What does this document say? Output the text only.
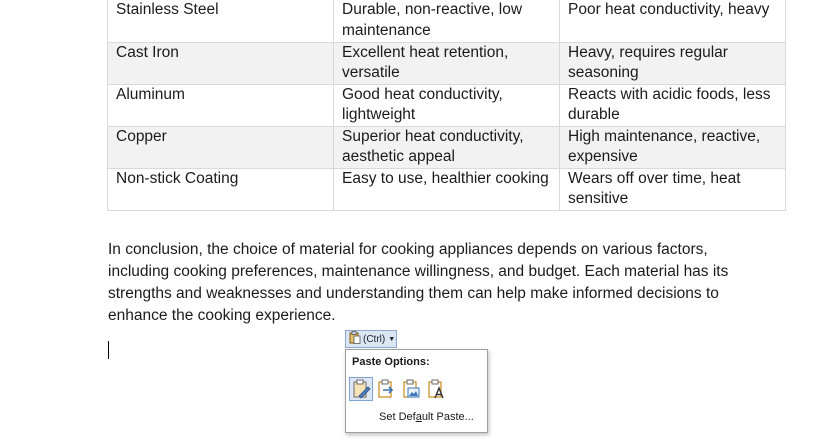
Stainless Steel	Durable, non-reactive, low maintenance	Poor heat conductivity, heavy
Cast Iron	Excellent heat retention, versatile	Heavy, requires regular seasoning
Aluminum	Good heat conductivity, lightweight	Reacts with acidic foods, less durable
Copper	Superior heat conductivity, aesthetic appeal	High maintenance, reactive, expensive
Non-stick Coating	Easy to use, healthier cooking	Wears off over time, heat sensitive

In conclusion, the choice of material for cooking appliances depends on various factors, including cooking preferences, maintenance willingness, and budget. Each material has its strengths and weaknesses and understanding them can help make informed decisions to enhance the cooking experience.

(Ctrl) ▼
Paste Options:
Set Default Paste...
